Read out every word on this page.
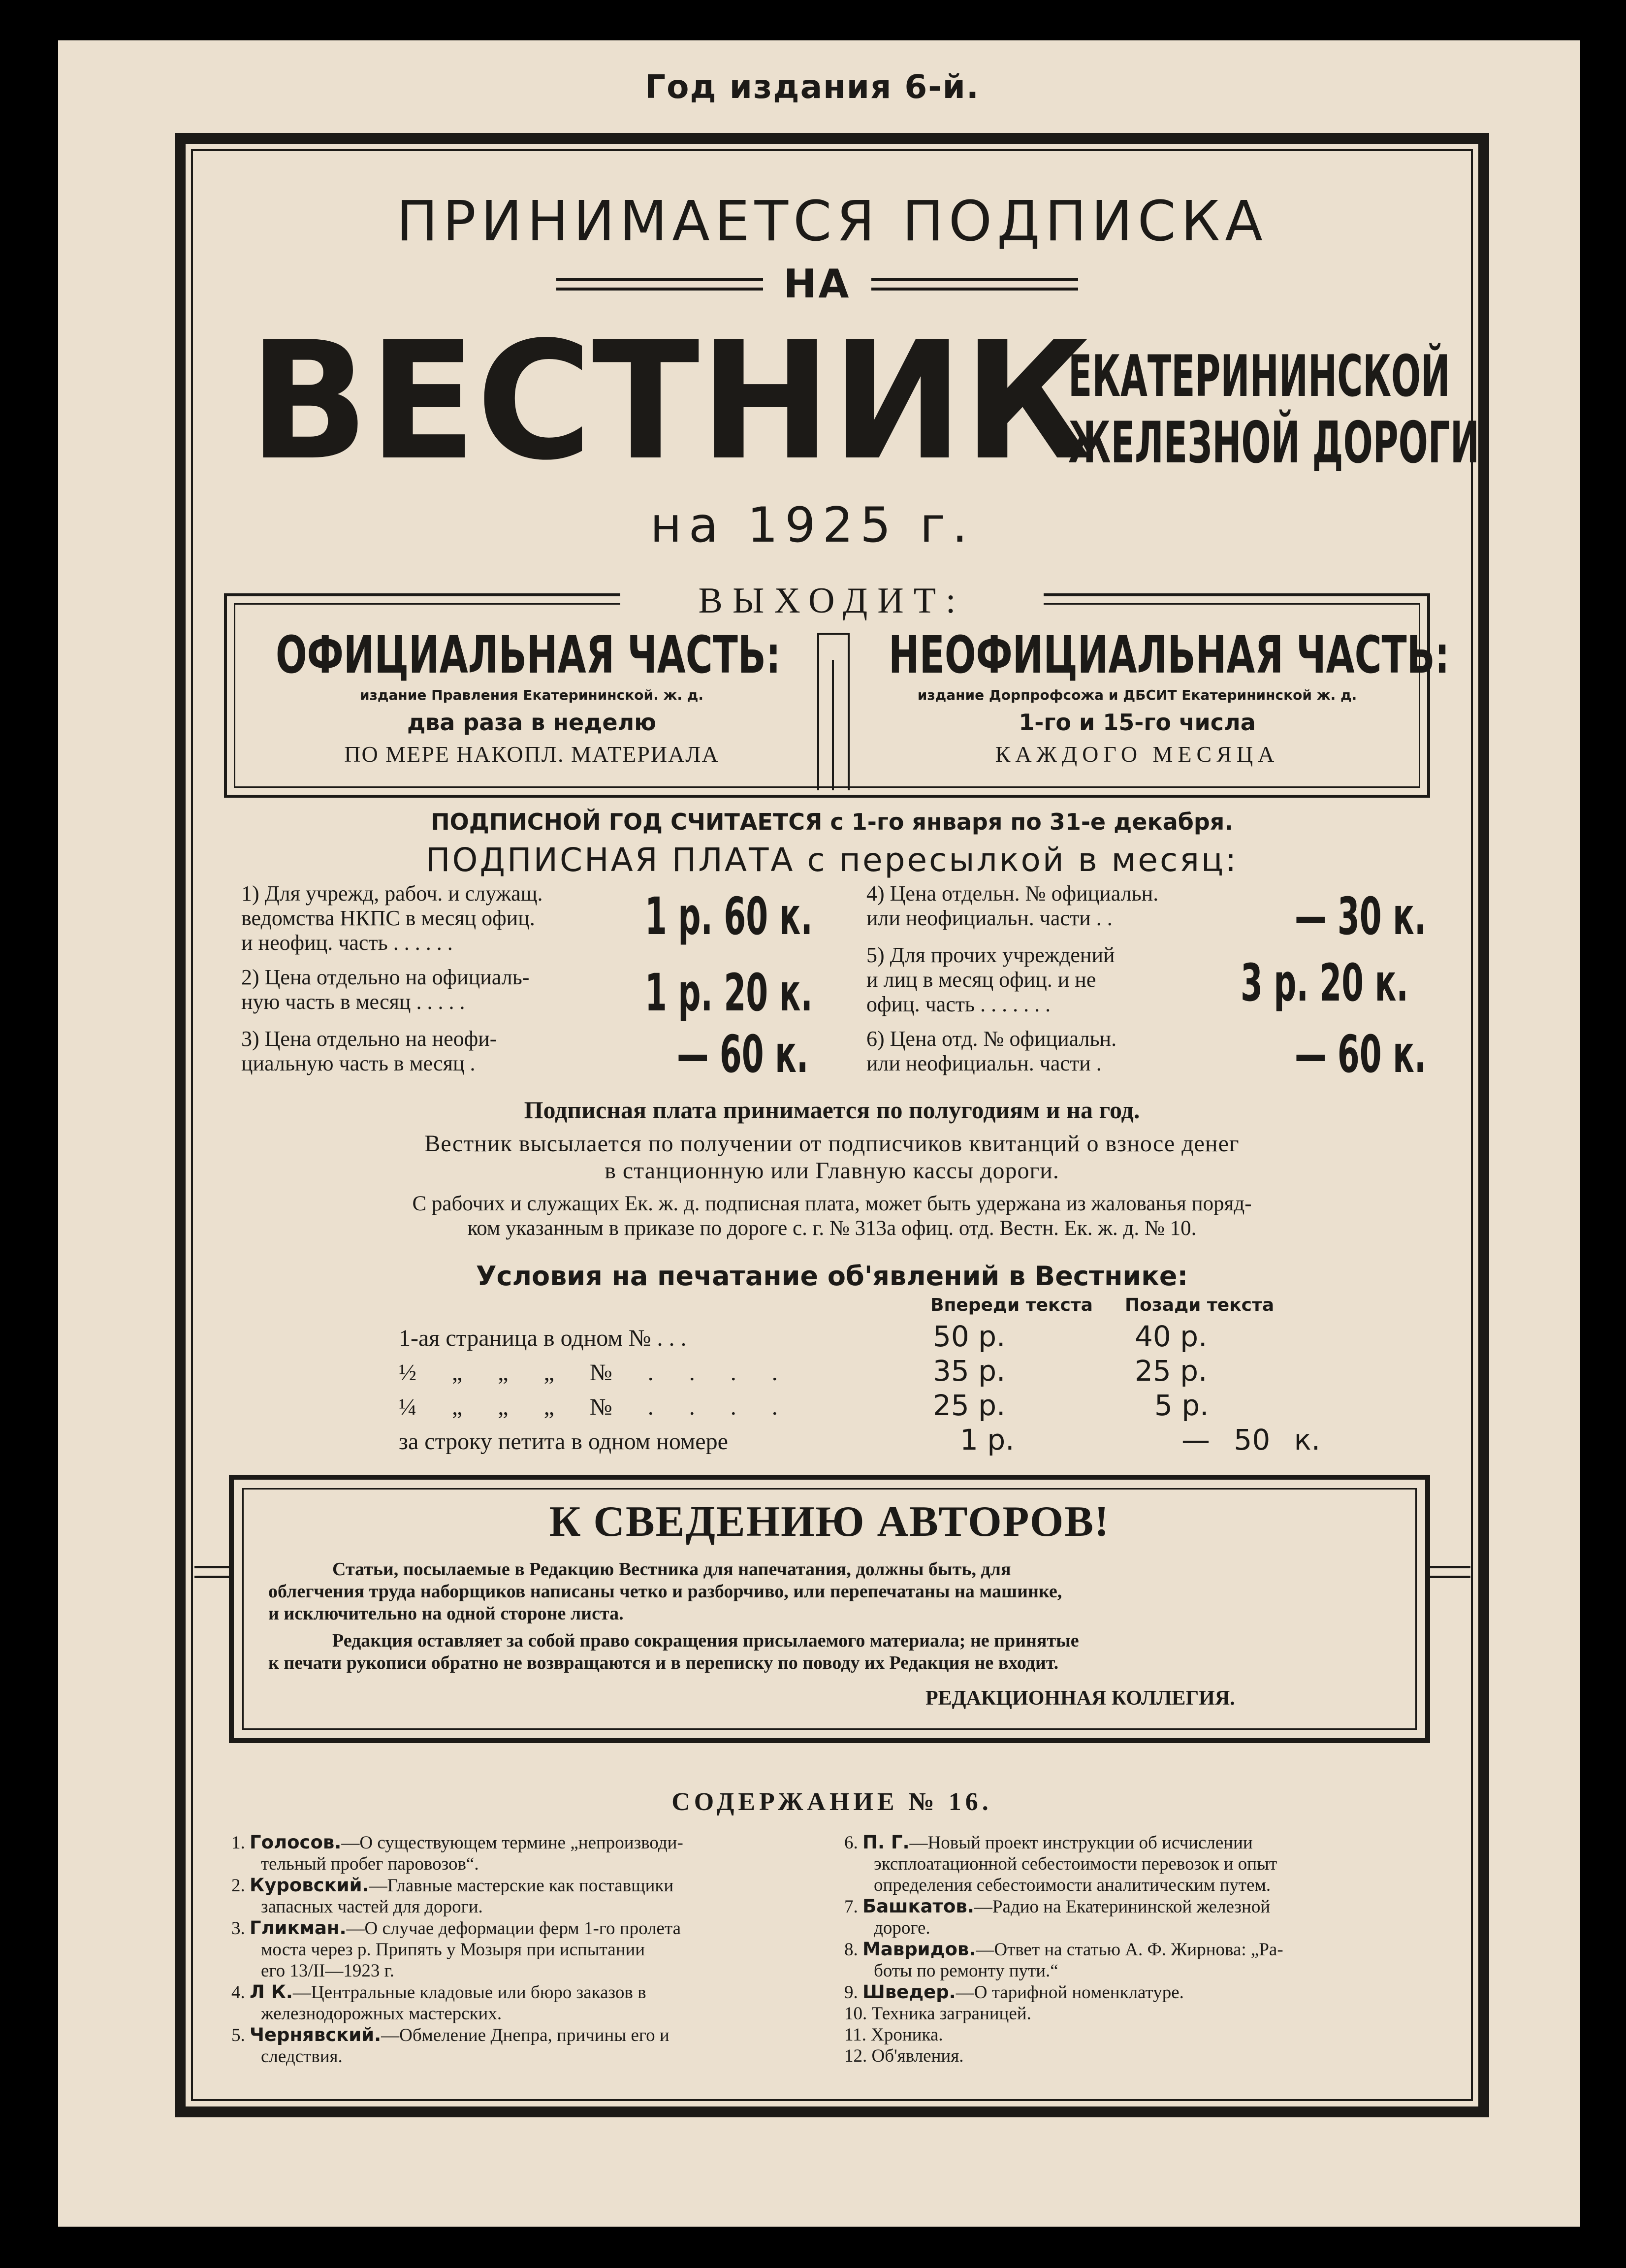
Год издания 6-й.
ПРИНИМАЕТСЯ ПОДПИСКА
НА
ВЕСТНИК
ЕКАТЕРИНИНСКОЙ
ЖЕЛЕЗНОЙ ДОРОГИ
на 1925 г.
ВЫХОДИТ:
ОФИЦИАЛЬНАЯ ЧАСТЬ:
издание Правления Екатерининской. ж. д.
два раза в неделю
ПО МЕРЕ НАКОПЛ. МАТЕРИАЛА
НЕОФИЦИАЛЬНАЯ ЧАСТЬ:
издание Дорпрофсожа и ДБСИТ Екатерининской ж. д.
1-го и 15-го числа
КАЖДОГО МЕСЯЦА
ПОДПИСНОЙ ГОД СЧИТАЕТСЯ с 1-го января по 31-е декабря.
ПОДПИСНАЯ ПЛАТА с пересылкой в месяц:
1) Для учрежд, рабоч. и служащ.
ведомства НКПС в месяц офиц.
и неофиц. часть . . . . . .	1 р. 60 к.
2) Цена отдельно на официаль-
ную часть в месяц . . . . .	1 р. 20 к.
3) Цена отдельно на неофи-
циальную часть в месяц .	— 60 к.
4) Цена отдельн. № официальн.
или неофициальн. части . .	— 30 к.
5) Для прочих учреждений
и лиц в месяц офиц. и не
офиц. часть . . . . . . .	3 р. 20 к.
6) Цена отд. № официальн.
или неофициальн. части .	— 60 к.
Подписная плата принимается по полугодиям и на год.
Вестник высылается по получении от подписчиков квитанций о взносе денег
в станционную или Главную кассы дороги.
С рабочих и служащих Ек. ж. д. подписная плата, может быть удержана из жалованья поряд-
ком указанным в приказе по дороге с. г. № 313а офиц. отд. Вестн. Ек. ж. д. № 10.
Условия на печатание об'явлений в Вестнике:
Впереди текста Позади текста
1-ая страница в одном № . . .	50 р.	40 р.
½ „ „ „ № . . . .	35 р.	25 р.
¼ „ „ „ № . . . .	25 р.	5 р.
за строку петита в одном номере	1 р.	— 50 к.
К СВЕДЕНИЮ АВТОРОВ!
Статьи, посылаемые в Редакцию Вестника для напечатания, должны быть, для
облегчения труда наборщиков написаны четко и разборчиво, или перепечатаны на машинке,
и исключительно на одной стороне листа.
Редакция оставляет за собой право сокращения присылаемого материала; не принятые
к печати рукописи обратно не возвращаются и в переписку по поводу их Редакция не входит.
РЕДАКЦИОННАЯ КОЛЛЕГИЯ.
СОДЕРЖАНИЕ № 16.
1. Голосов.—О существующем термине „непроизводи-
тельный пробег паровозов“.
2. Куровский.—Главные мастерские как поставщики
запасных частей для дороги.
3. Гликман.—О случае деформации ферм 1-го пролета
моста через р. Припять у Мозыря при испытании
его 13/II—1923 г.
4. Л К.—Центральные кладовые или бюро заказов в
железнодорожных мастерских.
5. Чернявский.—Обмеление Днепра, причины его и
следствия.
6. П. Г.—Новый проект инструкции об исчислении
эксплоатационной себестоимости перевозок и опыт
определения себестоимости аналитическим путем.
7. Башкатов.—Радио на Екатерининской железной
дороге.
8. Мавридов.—Ответ на статью А. Ф. Жирнова: „Ра-
боты по ремонту пути.“
9. Шведер.—О тарифной номенклатуре.
10. Техника заграницей.
11. Хроника.
12. Об'явления.
